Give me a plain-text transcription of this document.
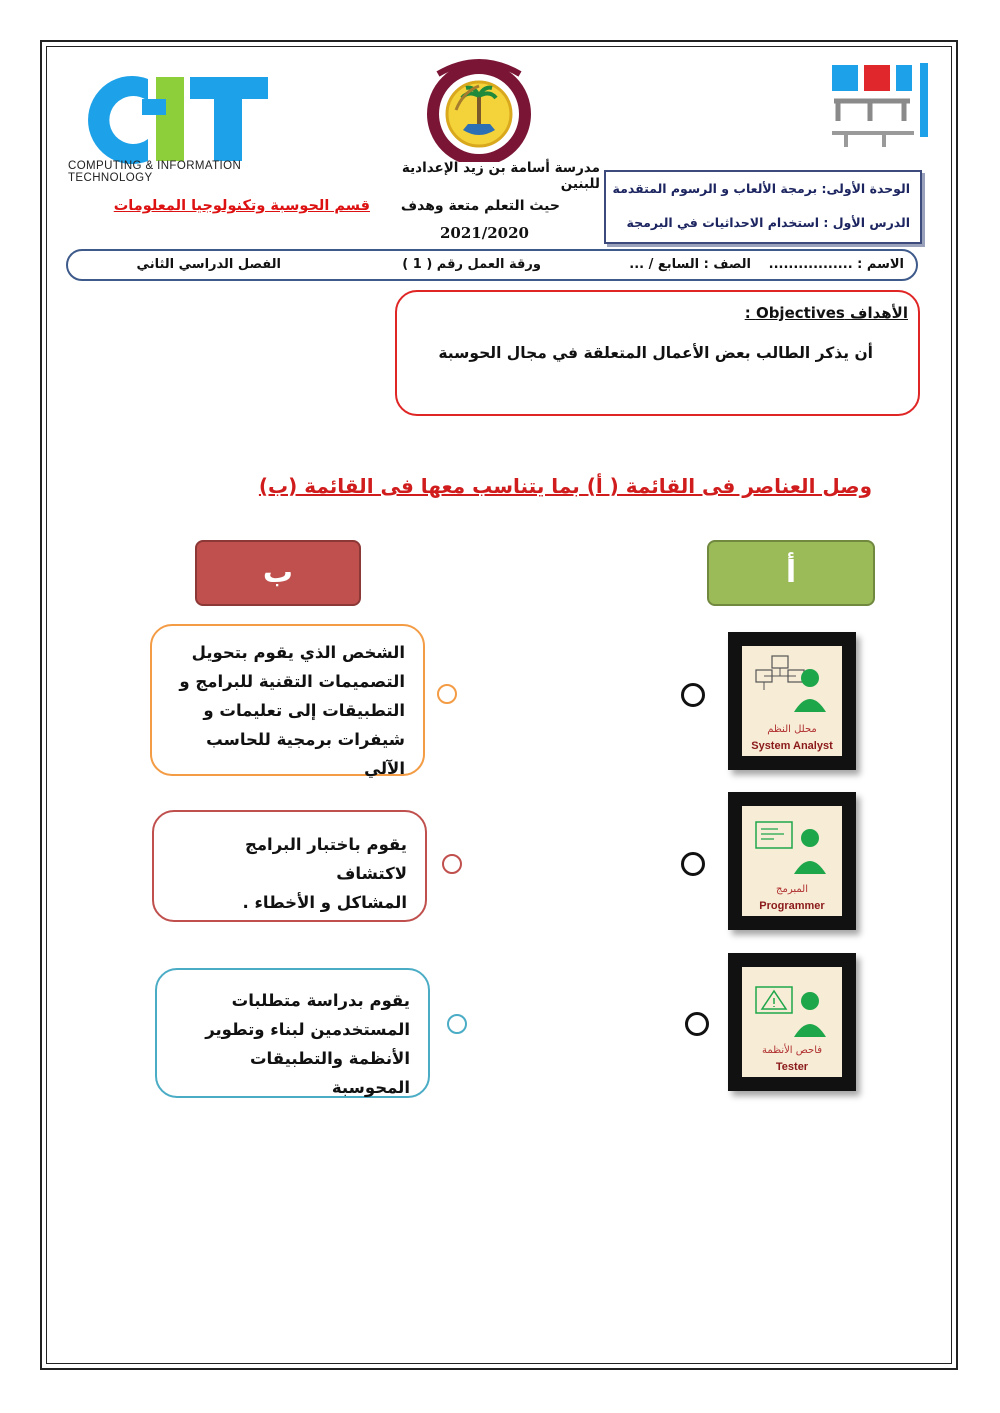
COMPUTING & INFORMATION TECHNOLOGY
مدرسة أسامة بن زيد الإعدادية للبنين
حيث التعلم متعة وهدف
2021/2020
قسم الحوسبة وتكنولوجيا المعلومات
الوحدة الأولى: برمجة الألعاب و الرسوم المتقدمة
الدرس الأول : استخدام الاحداثيات في البرمجة
الاسم : .................
الصف : السابع / ...
ورقة العمل رقم ( 1 )
الفصل الدراسي الثاني
الأهداف Objectives :
أن يذكر الطالب بعض الأعمال المتعلقة في مجال الحوسبة
وصل العناصر فى القائمة ( أ) بما يتناسب معها فى القائمة (ب)
ب	أ
الشخص الذي يقوم بتحويل
التصميمات التقنية للبرامج و
التطبيقات إلى تعليمات و
شيفرات برمجية للحاسب الآلي
يقوم باختبار البرامج لاكتشاف
المشاكل و الأخطاء .
يقوم بدراسة متطلبات
المستخدمين لبناء وتطوير
الأنظمة والتطبيقات المحوسبة
محلل النظم
System Analyst
المبرمج
Programmer
فاحص الأنظمة
Tester
